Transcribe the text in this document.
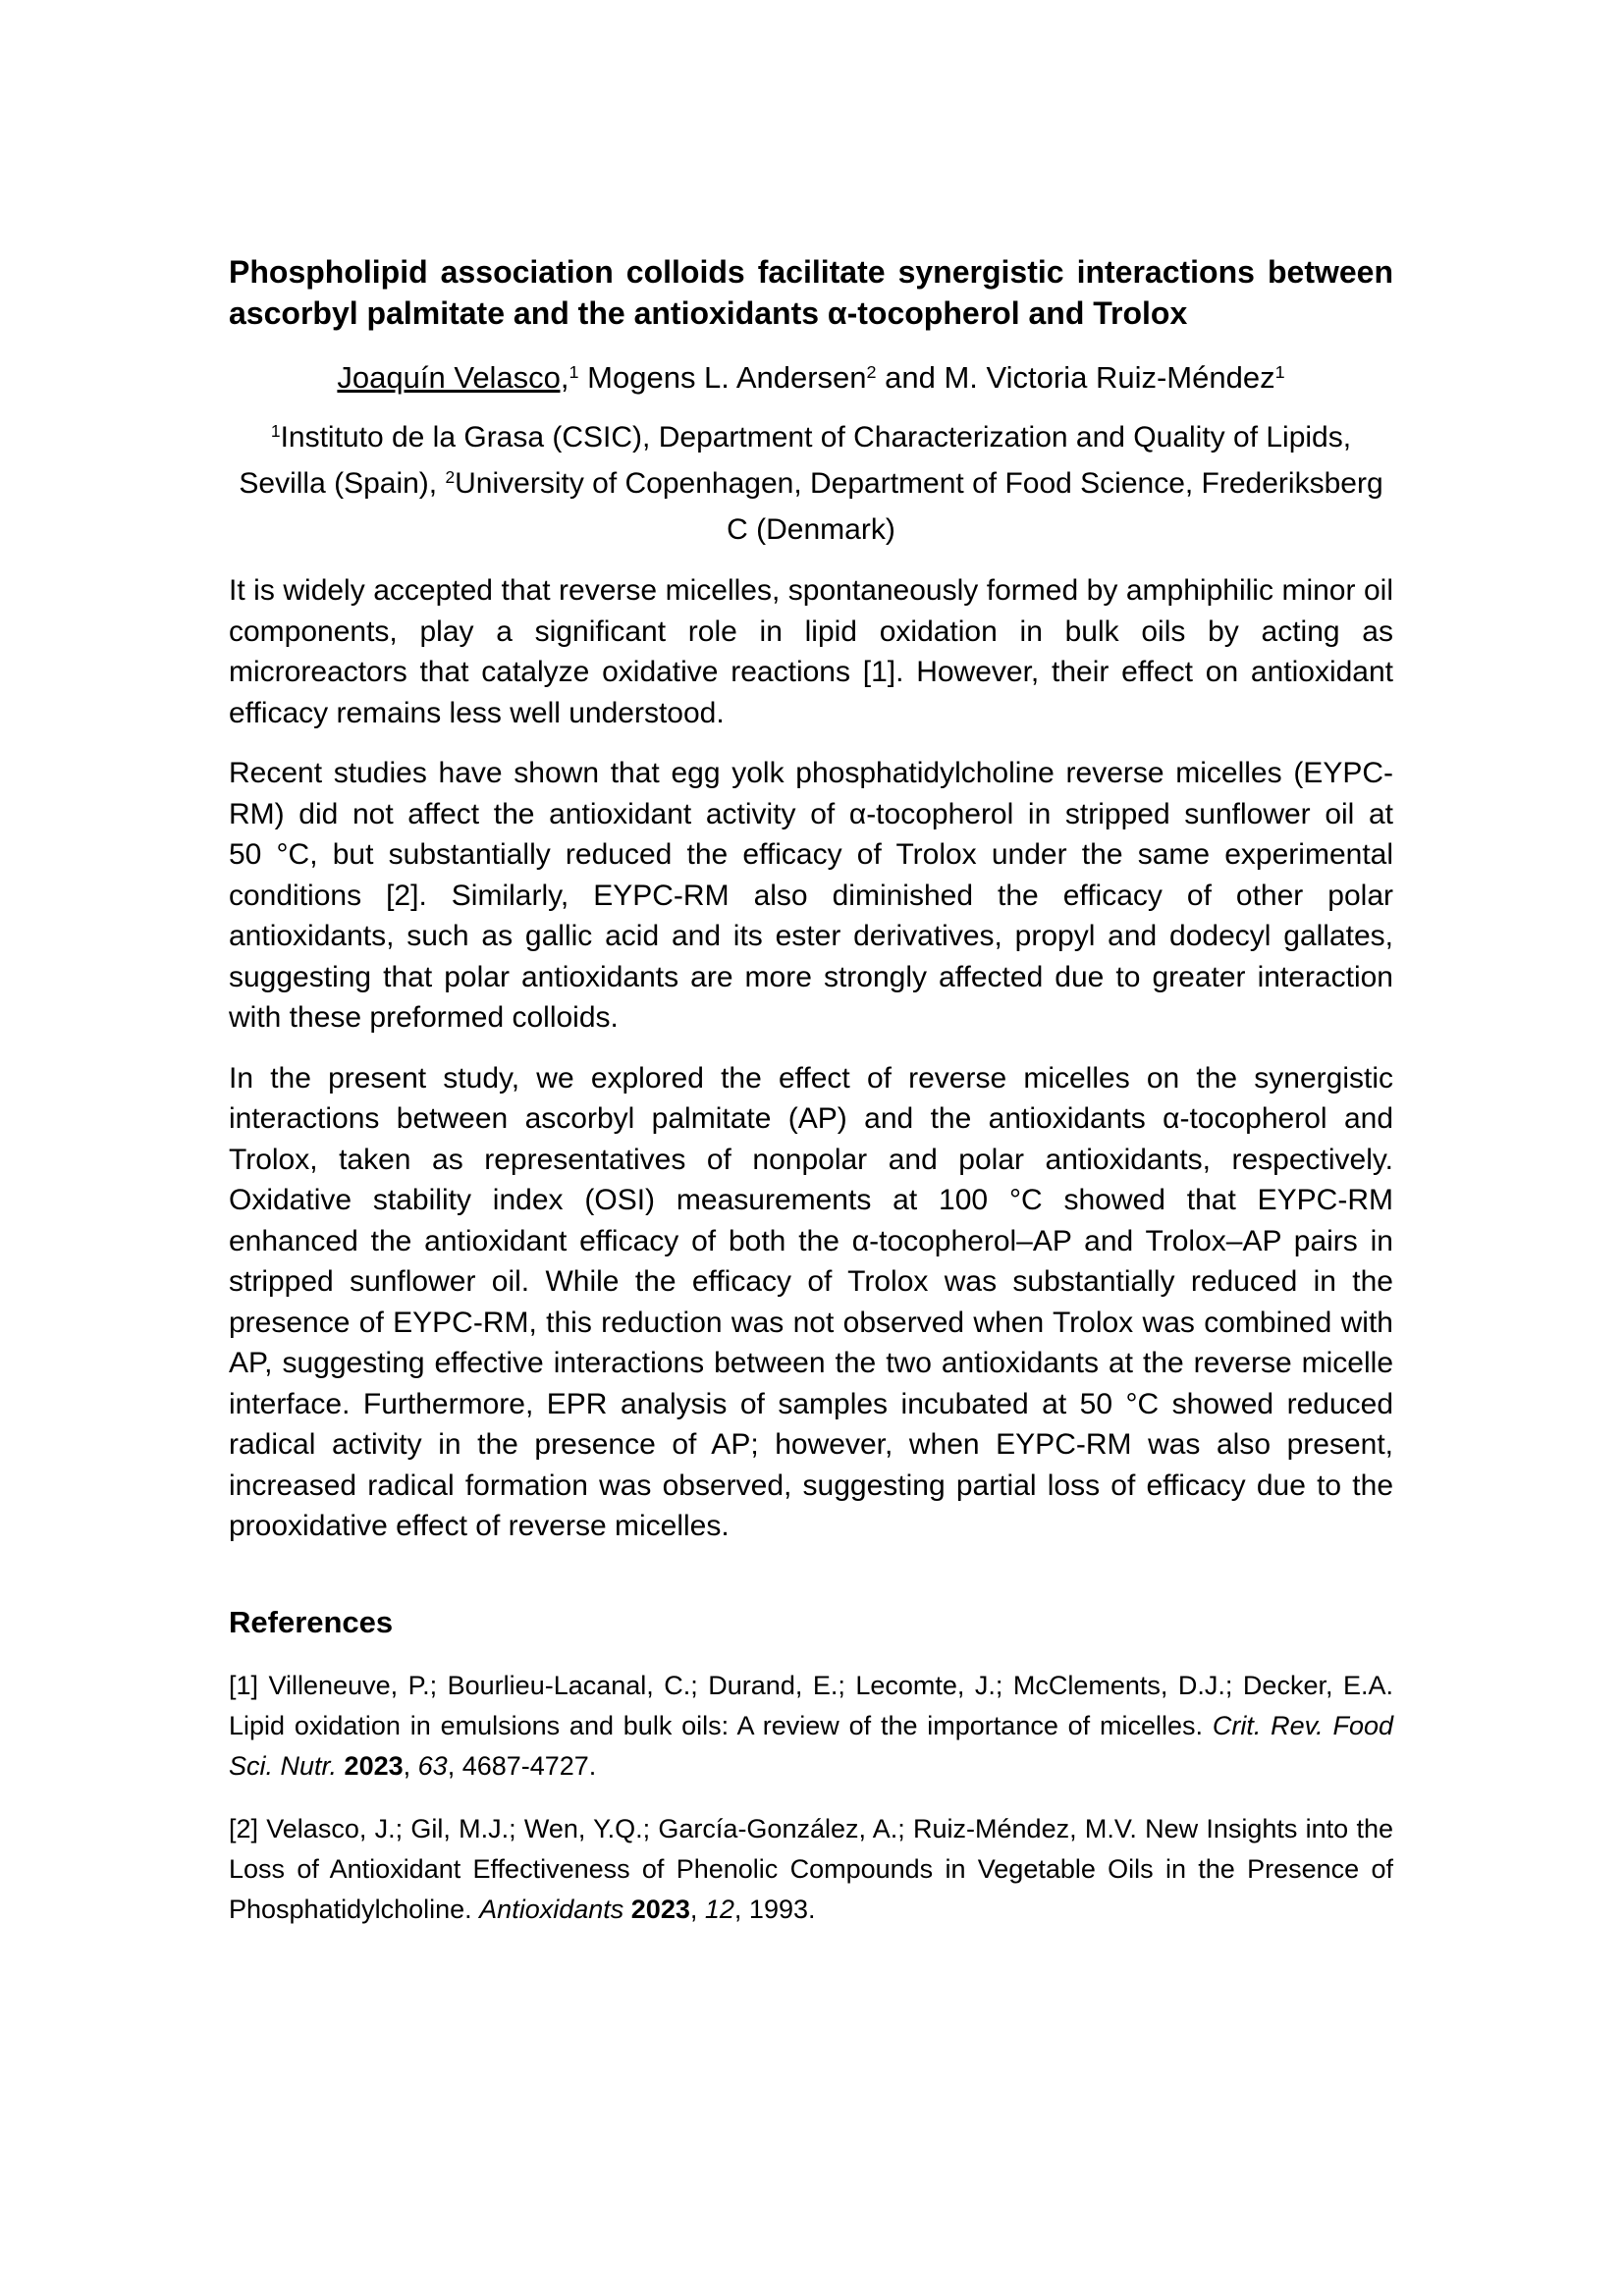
Phospholipid association colloids facilitate synergistic interactions between ascorbyl palmitate and the antioxidants α-tocopherol and Trolox

Joaquín Velasco,$^1$ Mogens L. Andersen$^2$ and M. Victoria Ruiz-Méndez$^1$

$^1$Instituto de la Grasa (CSIC), Department of Characterization and Quality of Lipids, Sevilla (Spain), $^2$University of Copenhagen, Department of Food Science, Frederiksberg C (Denmark)

It is widely accepted that reverse micelles, spontaneously formed by amphiphilic minor oil components, play a significant role in lipid oxidation in bulk oils by acting as microreactors that catalyze oxidative reactions [1]. However, their effect on antioxidant efficacy remains less well understood.

Recent studies have shown that egg yolk phosphatidylcholine reverse micelles (EYPC-RM) did not affect the antioxidant activity of α-tocopherol in stripped sunflower oil at 50 °C, but substantially reduced the efficacy of Trolox under the same experimental conditions [2]. Similarly, EYPC-RM also diminished the efficacy of other polar antioxidants, such as gallic acid and its ester derivatives, propyl and dodecyl gallates, suggesting that polar antioxidants are more strongly affected due to greater interaction with these preformed colloids.

In the present study, we explored the effect of reverse micelles on the synergistic interactions between ascorbyl palmitate (AP) and the antioxidants α-tocopherol and Trolox, taken as representatives of nonpolar and polar antioxidants, respectively. Oxidative stability index (OSI) measurements at 100 °C showed that EYPC-RM enhanced the antioxidant efficacy of both the α-tocopherol–AP and Trolox–AP pairs in stripped sunflower oil. While the efficacy of Trolox was substantially reduced in the presence of EYPC-RM, this reduction was not observed when Trolox was combined with AP, suggesting effective interactions between the two antioxidants at the reverse micelle interface. Furthermore, EPR analysis of samples incubated at 50 °C showed reduced radical activity in the presence of AP; however, when EYPC-RM was also present, increased radical formation was observed, suggesting partial loss of efficacy due to the prooxidative effect of reverse micelles.

References

[1] Villeneuve, P.; Bourlieu-Lacanal, C.; Durand, E.; Lecomte, J.; McClements, D.J.; Decker, E.A. Lipid oxidation in emulsions and bulk oils: A review of the importance of micelles. Crit. Rev. Food Sci. Nutr. 2023, 63, 4687-4727.

[2] Velasco, J.; Gil, M.J.; Wen, Y.Q.; García-González, A.; Ruiz-Méndez, M.V. New Insights into the Loss of Antioxidant Effectiveness of Phenolic Compounds in Vegetable Oils in the Presence of Phosphatidylcholine. Antioxidants 2023, 12, 1993.
